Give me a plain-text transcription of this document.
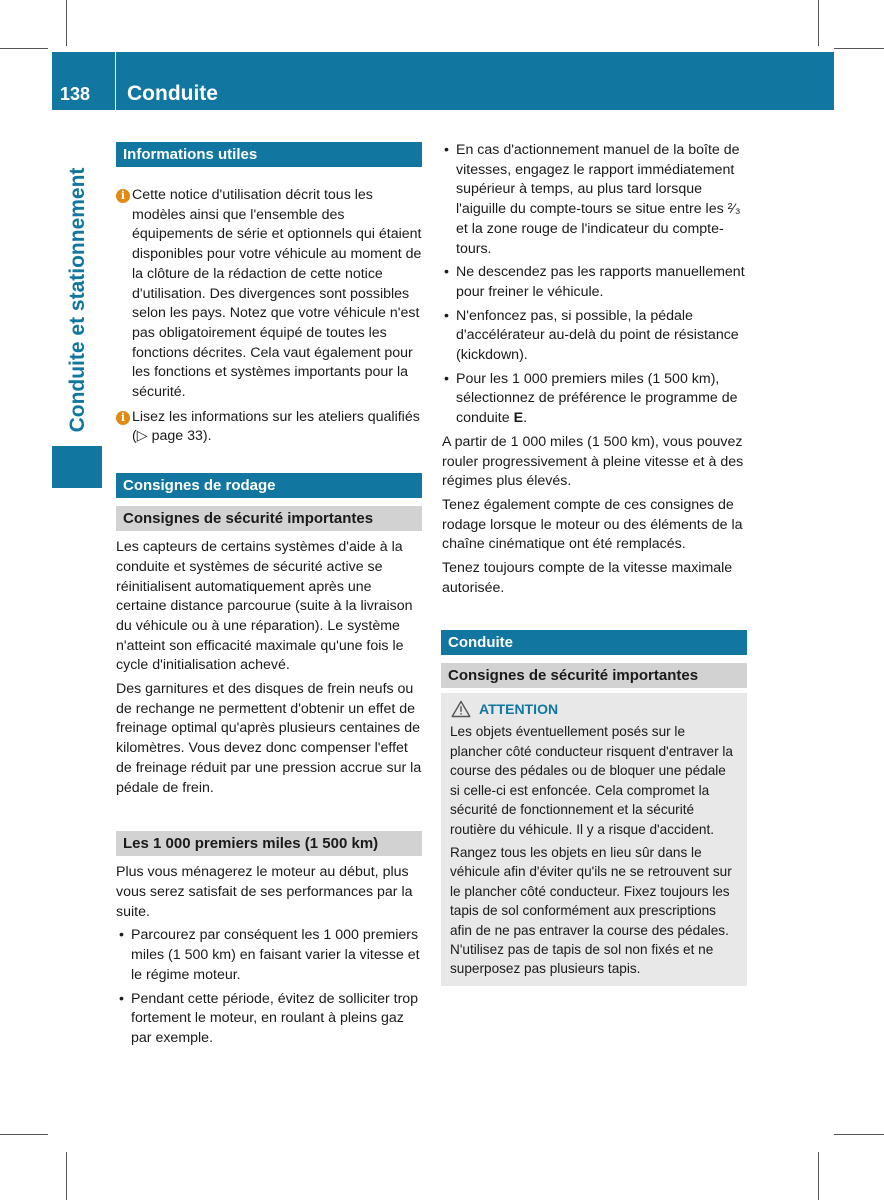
138 Conduite
Conduite et stationnement
Informations utiles
i Cette notice d'utilisation décrit tous les modèles ainsi que l'ensemble des équipements de série et optionnels qui étaient disponibles pour votre véhicule au moment de la clôture de la rédaction de cette notice d'utilisation. Des divergences sont possibles selon les pays. Notez que votre véhicule n'est pas obligatoirement équipé de toutes les fonctions décrites. Cela vaut également pour les fonctions et systèmes importants pour la sécurité.

i Lisez les informations sur les ateliers qualifiés (▷ page 33).

Consignes de rodage
Consignes de sécurité importantes

Les capteurs de certains systèmes d'aide à la conduite et systèmes de sécurité active se réinitialisent automatiquement après une certaine distance parcourue (suite à la livraison du véhicule ou à une réparation). Le système n'atteint son efficacité maximale qu'une fois le cycle d'initialisation achevé.

Des garnitures et des disques de frein neufs ou de rechange ne permettent d'obtenir un effet de freinage optimal qu'après plusieurs centaines de kilomètres. Vous devez donc compenser l'effet de freinage réduit par une pression accrue sur la pédale de frein.

Les 1 000 premiers miles (1 500 km)

Plus vous ménagerez le moteur au début, plus vous serez satisfait de ses performances par la suite.

• Parcourez par conséquent les 1 000 premiers miles (1 500 km) en faisant varier la vitesse et le régime moteur.
• Pendant cette période, évitez de solliciter trop fortement le moteur, en roulant à pleins gaz par exemple.
• En cas d'actionnement manuel de la boîte de vitesses, engagez le rapport immédiatement supérieur à temps, au plus tard lorsque l'aiguille du compte-tours se situe entre les ²⁄₃ et la zone rouge de l'indicateur du compte-tours.
• Ne descendez pas les rapports manuellement pour freiner le véhicule.
• N'enfoncez pas, si possible, la pédale d'accélérateur au-delà du point de résistance (kickdown).
• Pour les 1 000 premiers miles (1 500 km), sélectionnez de préférence le programme de conduite E.

A partir de 1 000 miles (1 500 km), vous pouvez rouler progressivement à pleine vitesse et à des régimes plus élevés.

Tenez également compte de ces consignes de rodage lorsque le moteur ou des éléments de la chaîne cinématique ont été remplacés.

Tenez toujours compte de la vitesse maximale autorisée.

Conduite
Consignes de sécurité importantes
ATTENTION

Les objets éventuellement posés sur le plancher côté conducteur risquent d'entraver la course des pédales ou de bloquer une pédale si celle-ci est enfoncée. Cela compromet la sécurité de fonctionnement et la sécurité routière du véhicule. Il y a risque d'accident.

Rangez tous les objets en lieu sûr dans le véhicule afin d'éviter qu'ils ne se retrouvent sur le plancher côté conducteur. Fixez toujours les tapis de sol conformément aux prescriptions afin de ne pas entraver la course des pédales. N'utilisez pas de tapis de sol non fixés et ne superposez pas plusieurs tapis.
